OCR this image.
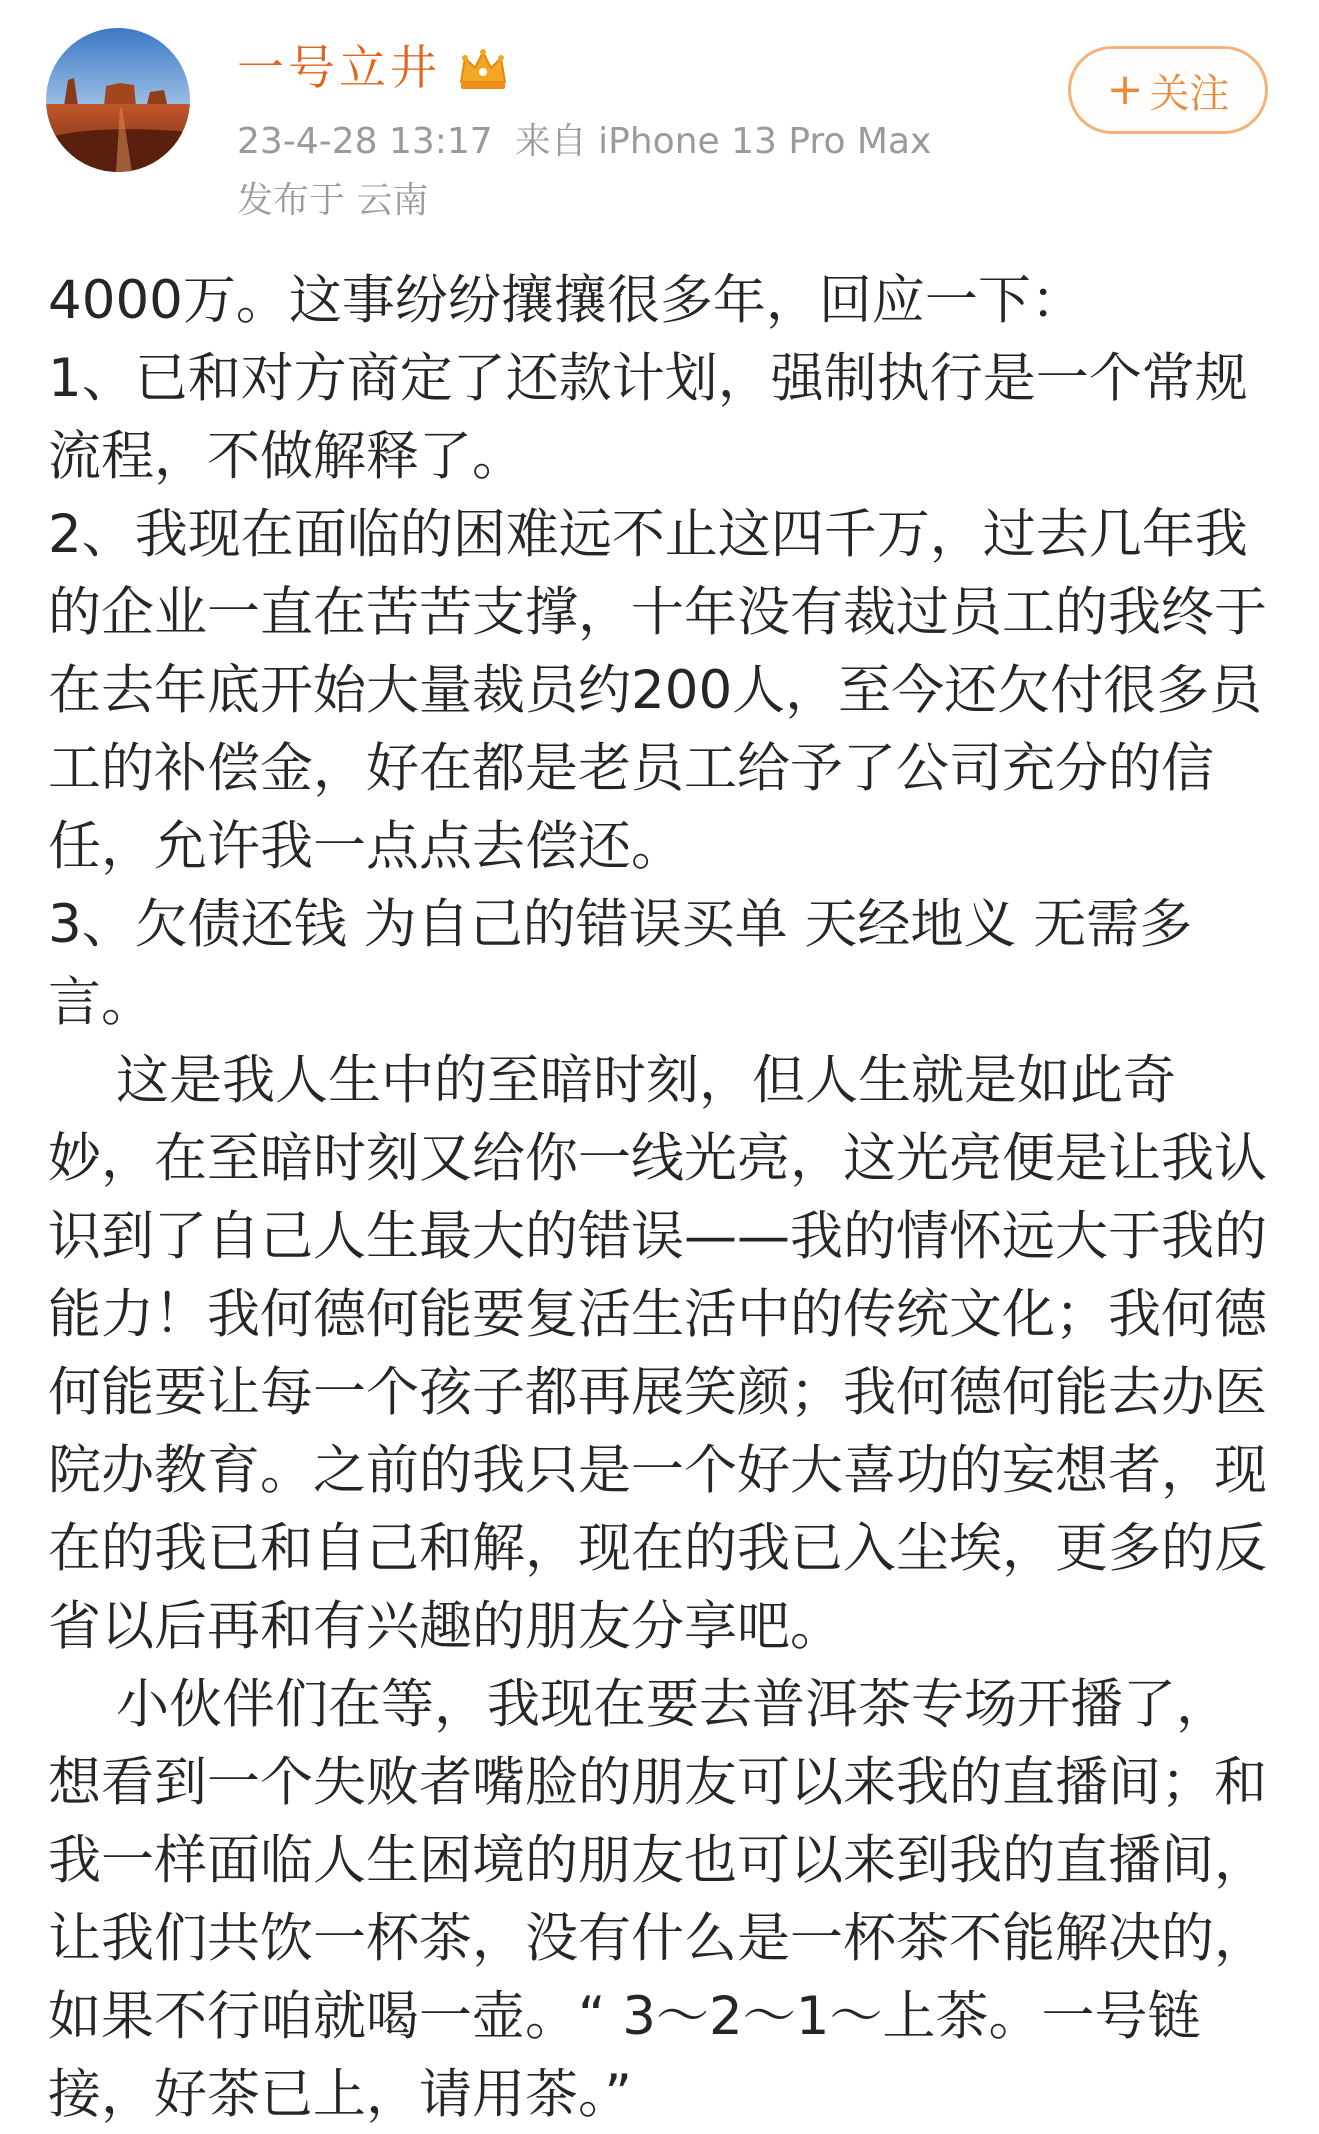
一号立井
23-4-28 13:17 来自 iPhone 13 Pro Max
发布于 云南
+ 关注

4000万。这事纷纷攘攘很多年，回应一下：

1、已和对方商定了还款计划，强制执行是一个常规流程，不做解释了。

2、我现在面临的困难远不止这四千万，过去几年我的企业一直在苦苦支撑，十年没有裁过员工的我终于在去年底开始大量裁员约200人，至今还欠付很多员工的补偿金，好在都是老员工给予了公司充分的信任，允许我一点点去偿还。

3、欠债还钱 为自己的错误买单 天经地义 无需多言。

这是我人生中的至暗时刻，但人生就是如此奇妙，在至暗时刻又给你一线光亮，这光亮便是让我认识到了自己人生最大的错误——我的情怀远大于我的能力！我何德何能要复活生活中的传统文化；我何德何能要让每一个孩子都再展笑颜；我何德何能去办医院办教育。之前的我只是一个好大喜功的妄想者，现在的我已和自己和解，现在的我已入尘埃，更多的反省以后再和有兴趣的朋友分享吧。

小伙伴们在等，我现在要去普洱茶专场开播了，想看到一个失败者嘴脸的朋友可以来我的直播间；和我一样面临人生困境的朋友也可以来到我的直播间，让我们共饮一杯茶，没有什么是一杯茶不能解决的，如果不行咱就喝一壶。“ 3～2～1～上茶。一号链接，好茶已上，请用茶。”
